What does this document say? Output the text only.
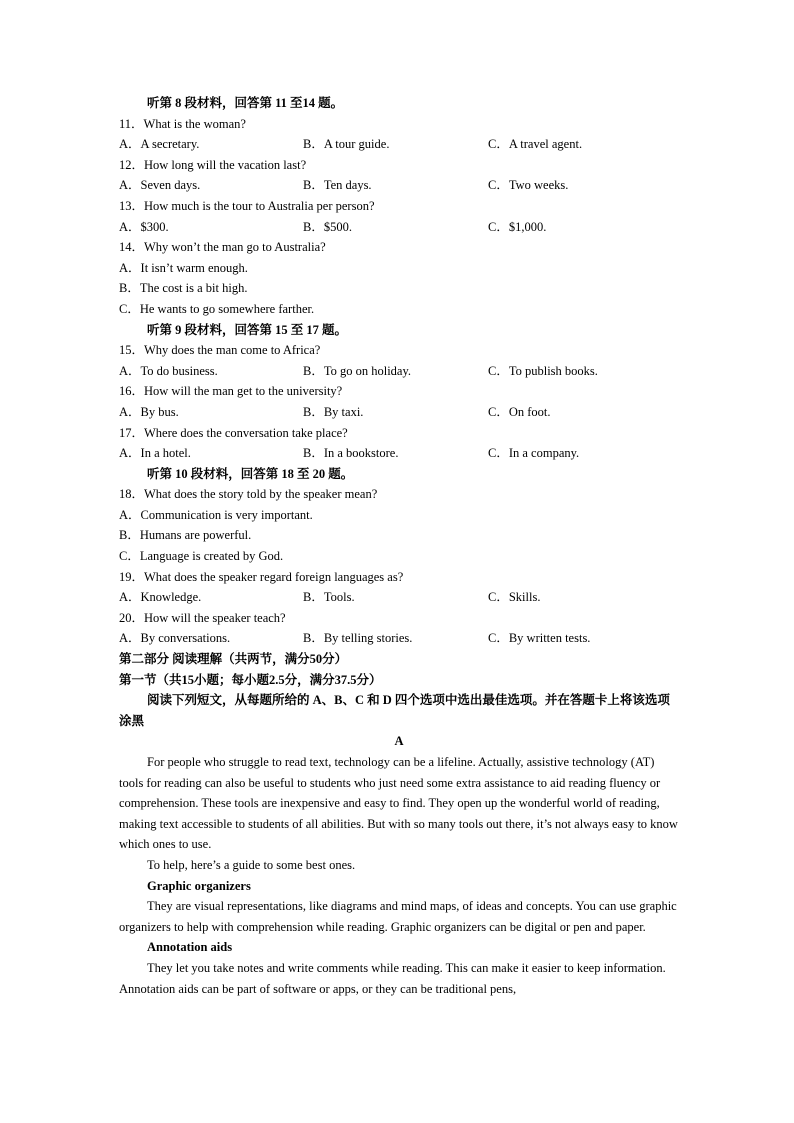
听第 8 段材料，回答第 11 至14 题。
11．What is the woman?
A．A secretary.	B．A tour guide.	C．A travel agent.
12．How long will the vacation last?
A．Seven days.	B．Ten days.	C．Two weeks.
13．How much is the tour to Australia per person?
A．$300.	B．$500.	C．$1,000.
14．Why won’t the man go to Australia?
A．It isn’t warm enough.
B．The cost is a bit high.
C．He wants to go somewhere farther.
听第 9 段材料，回答第 15 至 17 题。
15．Why does the man come to Africa?
A．To do business.	B．To go on holiday.	C．To publish books.
16．How will the man get to the university?
A．By bus.	B．By taxi.	C．On foot.
17．Where does the conversation take place?
A．In a hotel.	B．In a bookstore.	C．In a company.
听第 10 段材料，回答第 18 至 20 题。
18．What does the story told by the speaker mean?
A．Communication is very important.
B．Humans are powerful.
C．Language is created by God.
19．What does the speaker regard foreign languages as?
A．Knowledge.	B．Tools.	C．Skills.
20．How will the speaker teach?
A．By conversations.	B．By telling stories.	C．By written tests.
第二部分 阅读理解（共两节，满分50分）
第一节（共15小题；每小题2.5分，满分37.5分）

阅读下列短文，从每题所给的 A、B、C 和 D 四个选项中选出最佳选项。并在答题卡上将该选项涂黑

A

For people who struggle to read text, technology can be a lifeline. Actually, assistive technology (AT) tools for reading can also be useful to students who just need some extra assistance to aid reading fluency or comprehension. These tools are inexpensive and easy to find. They open up the wonderful world of reading, making text accessible to students of all abilities. But with so many tools out there, it’s not always easy to know which ones to use.

To help, here’s a guide to some best ones.

Graphic organizers

They are visual representations, like diagrams and mind maps, of ideas and concepts. You can use graphic organizers to help with comprehension while reading. Graphic organizers can be digital or pen and paper.

Annotation aids

They let you take notes and write comments while reading. This can make it easier to keep information. Annotation aids can be part of software or apps, or they can be traditional pens,
